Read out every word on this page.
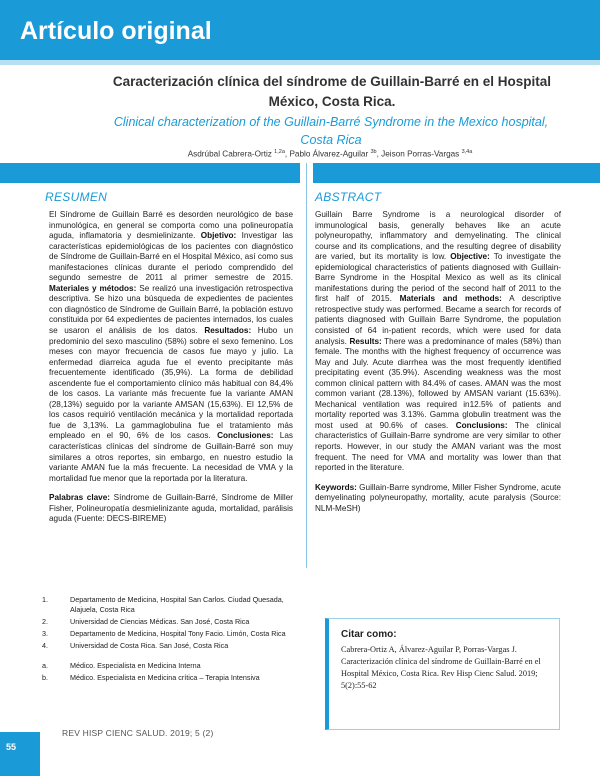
Artículo original
Caracterización clínica del síndrome de Guillain-Barré en el Hospital México, Costa Rica.
Clinical characterization of the Guillain-Barré Syndrome in the Mexico hospital, Costa Rica
Asdrúbal Cabrera-Ortiz $^{1,2a}$, Pablo Álvarez-Aguilar $^{3b}$, Jeison Porras-Vargas $^{3,4a}$
RESUMEN	ABSTRACT

El Síndrome de Guillain Barré es desorden neurológico de base inmunológica, en general se comporta como una polineuropatía aguda, inflamatoria y desmielinizante. Objetivo: Investigar las características epidemiológicas de los pacientes con diagnóstico de Síndrome de Guillain-Barré en el Hospital México, así como sus manifestaciones clínicas durante el periodo comprendido del segundo semestre de 2011 al primer semestre de 2015. Materiales y métodos: Se realizó una investigación retrospectiva descriptiva. Se hizo una búsqueda de expedientes de pacientes con diagnóstico de Síndrome de Guillain Barré, la población estuvo constituida por 64 expedientes de pacientes internados, los cuales se usaron el análisis de los datos. Resultados: Hubo un predominio del sexo masculino (58%) sobre el sexo femenino. Los meses con mayor frecuencia de casos fue mayo y julio. La enfermedad diarreica aguda fue el evento precipitante más frecuentemente identificado (35,9%). La forma de debilidad ascendente fue el comportamiento clínico más habitual con 84,4% de los casos. La variante más frecuente fue la variante AMAN (28,13%) seguido por la variante AMSAN (15,63%). El 12,5% de los casos requirió ventilación mecánica y la mortalidad reportada fue de 3,13%. La gammaglobulina fue el tratamiento más empleado en el 90, 6% de los casos. Conclusiones: Las características clínicas del síndrome de Guillain-Barré son muy similares a otros reportes, sin embargo, en nuestro estudio la variante AMAN fue la más frecuente. La necesidad de VMA y la mortalidad fue menor que la reportada por la literatura.

Palabras clave: Síndrome de Guillain-Barré, Síndrome de Miller Fisher, Polineuropatía desmielinizante aguda, mortalidad, parálisis aguda (Fuente: DECS-BIREME)

Guillain Barre Syndrome is a neurological disorder of immunological basis, generally behaves like an acute polyneuropathy, inflammatory and demyelinating. The clinical course and its complications, and the resulting degree of disability are varied, but its mortality is low. Objective: To investigate the epidemiological characteristics of patients diagnosed with Guillain-Barre Syndrome in the Hospital Mexico as well as its clinical manifestations during the period of the second half of 2011 to the first half of 2015. Materials and methods: A descriptive retrospective study was performed. Became a search for records of patients diagnosed with Guillain Barre Syndrome, the population consisted of 64 in-patient records, which were used for data analysis. Results: There was a predominance of males (58%) than female. The months with the highest frequency of occurrence was May and July. Acute diarrhea was the most frequently identified precipitating event (35.9%). Ascending weakness was the most common clinical pattern with 84.4% of cases. AMAN was the most common variant (28.13%), followed by AMSAN variant (15.63%). Mechanical ventilation was required in12.5% of patients and mortality reported was 3.13%. Gamma globulin treatment was the most used at 90.6% of cases. Conclusions: The clinical characteristics of Guillain-Barre syndrome are very similar to other reports. However, in our study the AMAN variant was the most frequent. The need for VMA and mortality was lower than that reported in the literature.

Keywords: Guillain-Barre syndrome, Miller Fisher Syndrome, acute demyelinating polyneuropathy, mortality, acute paralysis (Source: NLM-MeSH)

1.	Departamento de Medicina, Hospital San Carlos. Ciudad Quesada, Alajuela, Costa Rica
2.	Universidad de Ciencias Médicas. San José, Costa Rica
3.	Departamento de Medicina, Hospital Tony Facio. Limón, Costa Rica
4.	Universidad de Costa Rica. San José, Costa Rica
a.	Médico. Especialista en Medicina Interna
b.	Médico. Especialista en Medicina crítica – Terapia Intensiva
Citar como:
Cabrera-Ortiz A, Álvarez-Aguilar P, Porras-Vargas J. Caracterización clínica del síndrome de Guillain-Barré en el Hospital México, Costa Rica. Rev Hisp Cienc Salud. 2019; 5(2):55-62
55
REV HISP CIENC SALUD. 2019; 5 (2)
